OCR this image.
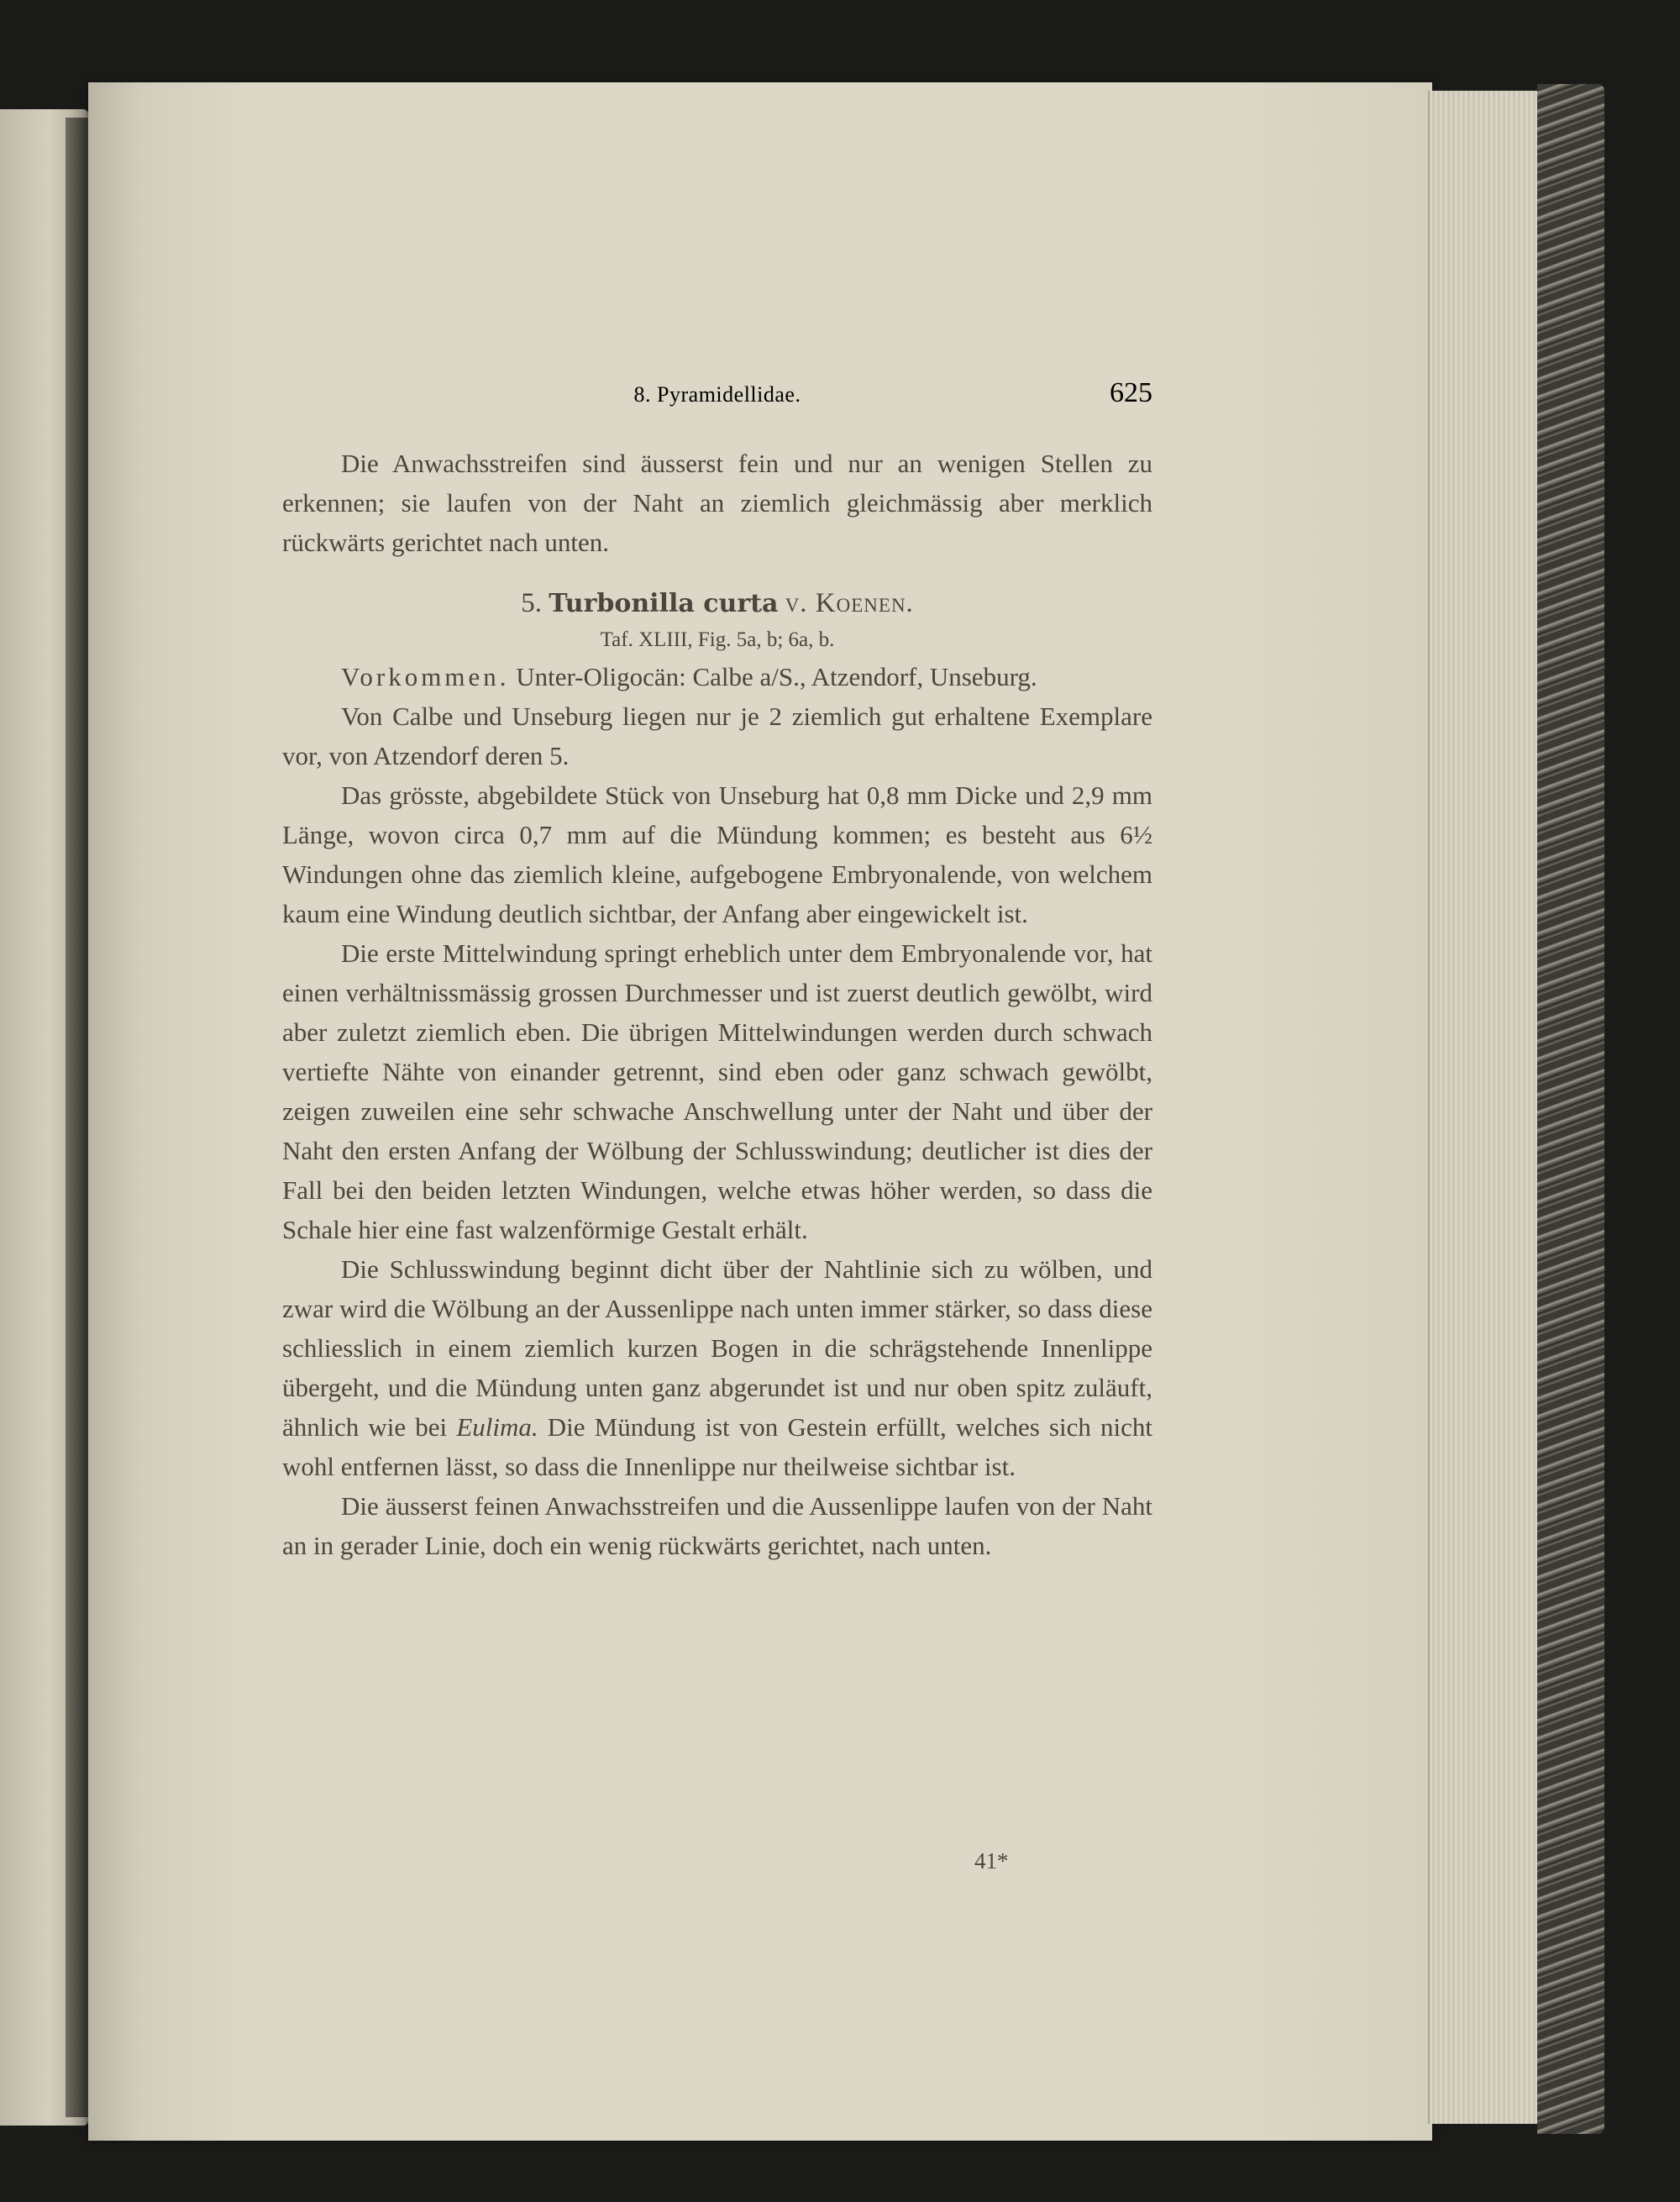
8. Pyramidellidae.	625

Die Anwachsstreifen sind äusserst fein und nur an wenigen Stellen zu erkennen; sie laufen von der Naht an ziemlich gleichmässig aber merklich rückwärts gerichtet nach unten.

5. Turbonilla curta v. Koenen.

Taf. XLIII, Fig. 5a, b; 6a, b.

Vorkommen. Unter-Oligocän: Calbe a/S., Atzendorf, Unseburg.

Von Calbe und Unseburg liegen nur je 2 ziemlich gut erhaltene Exemplare vor, von Atzendorf deren 5.

Das grösste, abgebildete Stück von Unseburg hat 0,8 mm Dicke und 2,9 mm Länge, wovon circa 0,7 mm auf die Mündung kommen; es besteht aus 6½ Windungen ohne das ziemlich kleine, aufgebogene Embryonalende, von welchem kaum eine Windung deutlich sichtbar, der Anfang aber eingewickelt ist.

Die erste Mittelwindung springt erheblich unter dem Embryonalende vor, hat einen verhältnissmässig grossen Durchmesser und ist zuerst deutlich gewölbt, wird aber zuletzt ziemlich eben. Die übrigen Mittelwindungen werden durch schwach vertiefte Nähte von einander getrennt, sind eben oder ganz schwach gewölbt, zeigen zuweilen eine sehr schwache Anschwellung unter der Naht und über der Naht den ersten Anfang der Wölbung der Schlusswindung; deutlicher ist dies der Fall bei den beiden letzten Windungen, welche etwas höher werden, so dass die Schale hier eine fast walzenförmige Gestalt erhält.

Die Schlusswindung beginnt dicht über der Nahtlinie sich zu wölben, und zwar wird die Wölbung an der Aussenlippe nach unten immer stärker, so dass diese schliesslich in einem ziemlich kurzen Bogen in die schrägstehende Innenlippe übergeht, und die Mündung unten ganz abgerundet ist und nur oben spitz zuläuft, ähnlich wie bei Eulima. Die Mündung ist von Gestein erfüllt, welches sich nicht wohl entfernen lässt, so dass die Innenlippe nur theilweise sichtbar ist.

Die äusserst feinen Anwachsstreifen und die Aussenlippe laufen von der Naht an in gerader Linie, doch ein wenig rückwärts gerichtet, nach unten.

41*
